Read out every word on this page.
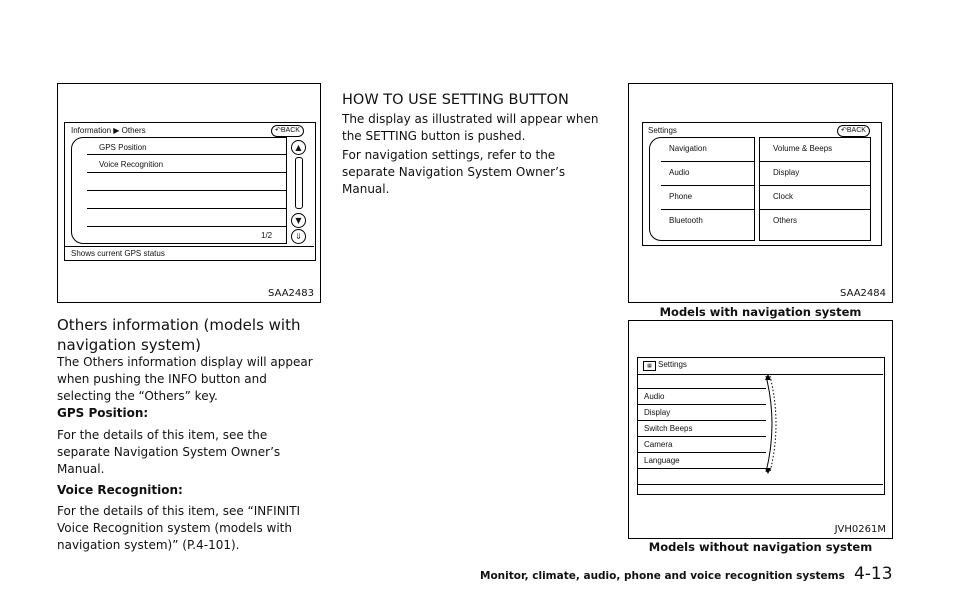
Information ▶ Others	↶BACK
GPS Position
Voice Recognition
1/2
▲
▼
⇓
Shows current GPS status
SAA2483
Others information (models with navigation system)
The Others information display will appear when pushing the INFO button and selecting the “Others” key.
GPS Position:
For the details of this item, see the separate Navigation System Owner’s Manual.
Voice Recognition:
For the details of this item, see “INFINITI Voice Recognition system (models with navigation system)” (P.4-101).
HOW TO USE SETTING BUTTON
The display as illustrated will appear when the SETTING button is pushed.
For navigation settings, refer to the separate Navigation System Owner’s Manual.
Settings	↶BACK
Navigation
Audio
Phone
Bluetooth
Volume & Beeps
Display
Clock
Others
SAA2484
Models with navigation system
▦ Settings
Audio
Display
Switch Beeps
Camera
Language
JVH0261M
Models without navigation system
Monitor, climate, audio, phone and voice recognition systems 4-13
